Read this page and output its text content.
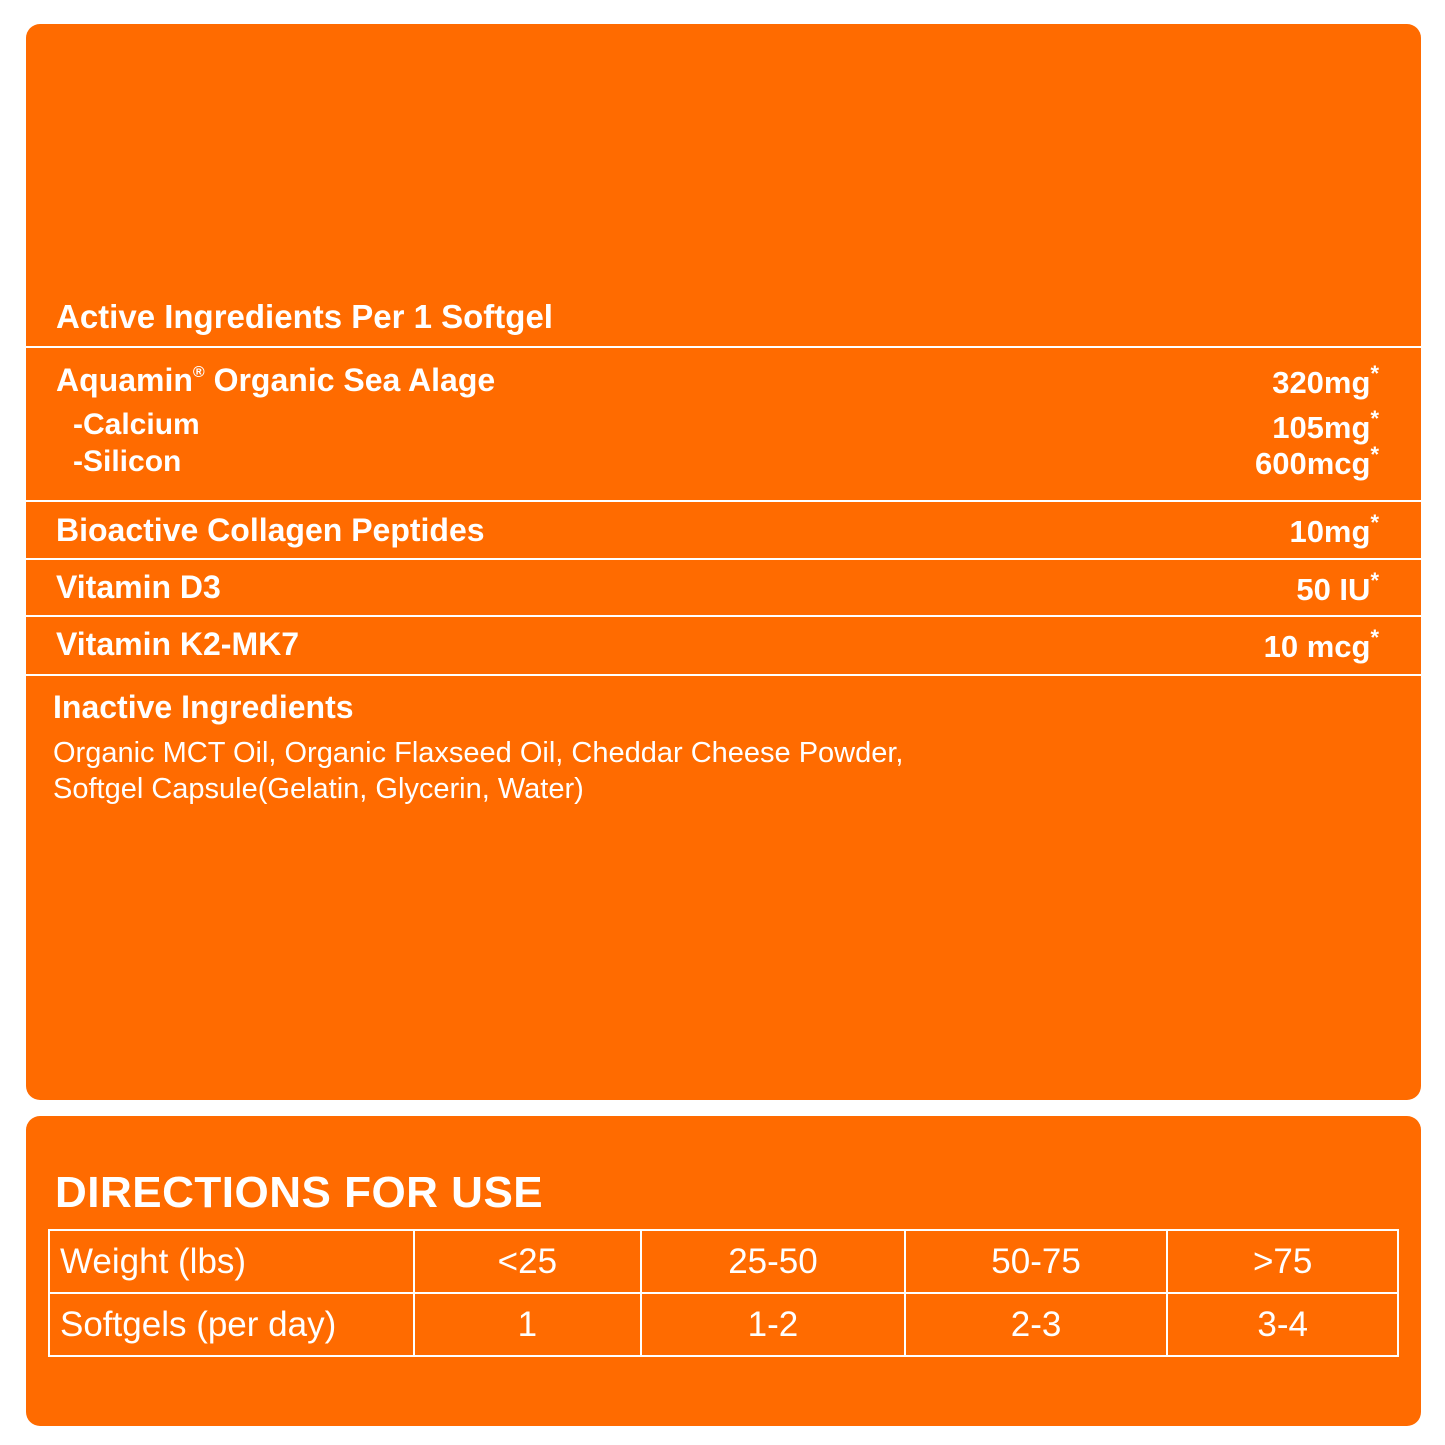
Active Ingredients Per 1 Softgel
Aquamin® Organic Sea Alage	320mg*
-Calcium	105mg*
-Silicon	600mcg*
Bioactive Collagen Peptides	10mg*
Vitamin D3	50 IU*
Vitamin K2-MK7	10 mcg*
Inactive Ingredients
Organic MCT Oil, Organic Flaxseed Oil, Cheddar Cheese Powder,
Softgel Capsule(Gelatin, Glycerin, Water)
DIRECTIONS FOR USE
Weight (lbs)	<25	25-50	50-75	>75
Softgels (per day)	1	1-2	2-3	3-4
